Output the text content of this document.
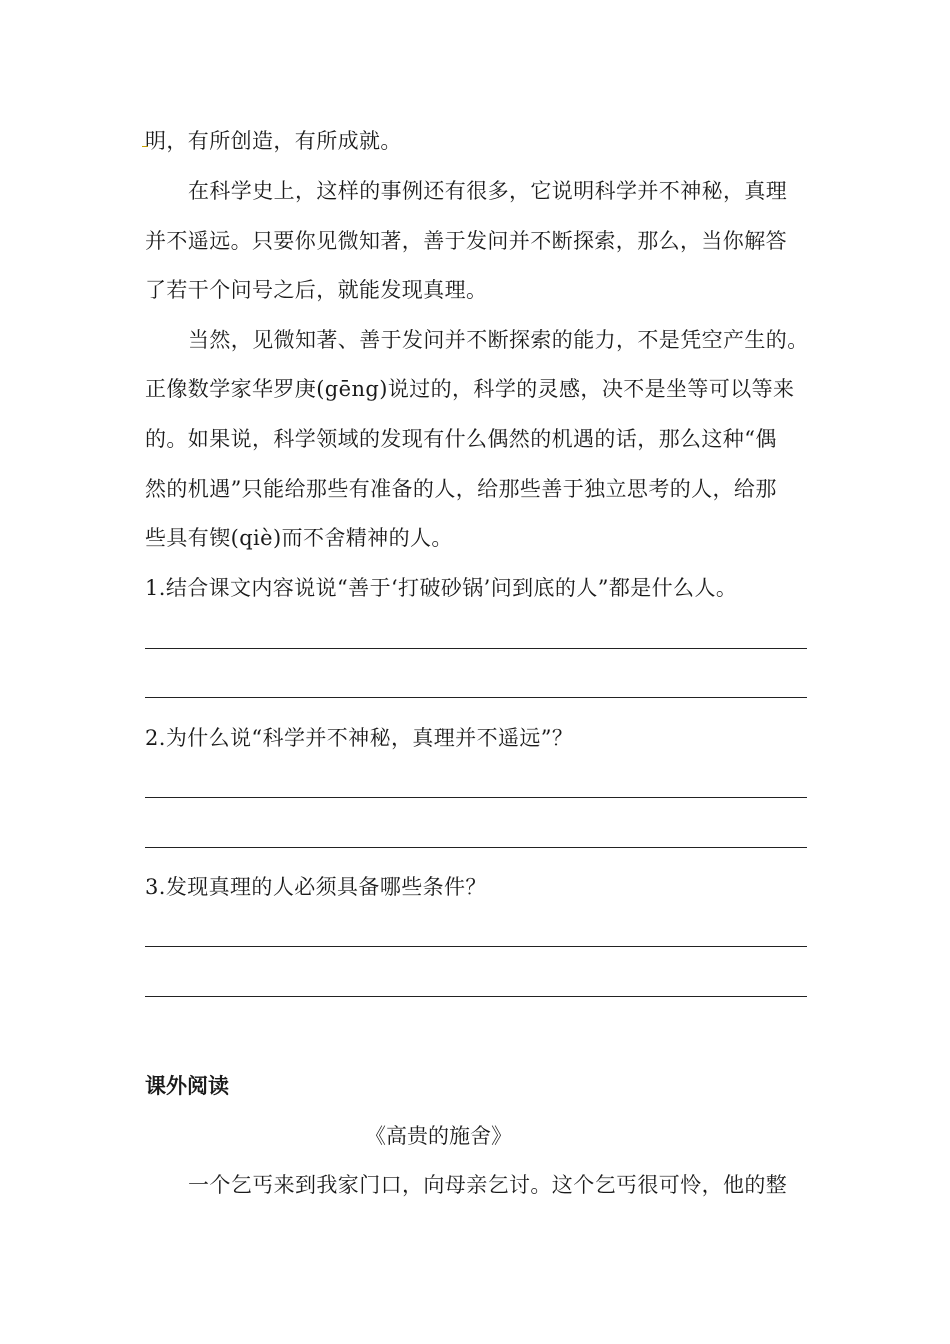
明，有所创造，有所成就。
在科学史上，这样的事例还有很多，它说明科学并不神秘，真理
并不遥远。只要你见微知著，善于发问并不断探索，那么，当你解答
了若干个问号之后，就能发现真理。
当然，见微知著、善于发问并不断探索的能力，不是凭空产生的。
正像数学家华罗庚(gēng)说过的，科学的灵感，决不是坐等可以等来
的。如果说，科学领域的发现有什么偶然的机遇的话，那么这种“偶
然的机遇”只能给那些有准备的人，给那些善于独立思考的人，给那
些具有锲(qiè)而不舍精神的人。
1.结合课文内容说说“善于‘打破砂锅’问到底的人”都是什么人。
2.为什么说“科学并不神秘，真理并不遥远”？
3.发现真理的人必须具备哪些条件？
课外阅读
《高贵的施舍》
一个乞丐来到我家门口，向母亲乞讨。这个乞丐很可怜，他的整
